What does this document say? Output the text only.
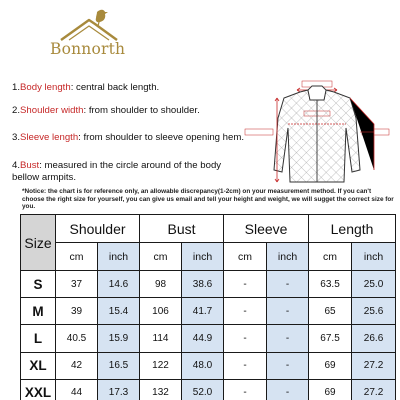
Bonnorth
1.Body length: central back length.
2.Shoulder width: from shoulder to shoulder.
3.Sleeve length: from shoulder to sleeve opening hem.
4.Bust: measured in the circle around of the body bellow armpits.
*Notice: the chart is for reference only, an allowable discrepancy(1-2cm) on your measurement method. If you can't choose the right size for yourself, you can give us email and tell your height and weight, we will sugget the correct size for you.
Size	Shoulder		Bust		Sleeve		Length	
	cm	inch	cm	inch	cm	inch	cm	inch
S	37	14.6	98	38.6	-	-	63.5	25.0
M	39	15.4	106	41.7	-	-	65	25.6
L	40.5	15.9	114	44.9	-	-	67.5	26.6
XL	42	16.5	122	48.0	-	-	69	27.2
XXL	44	17.3	132	52.0	-	-	69	27.2
